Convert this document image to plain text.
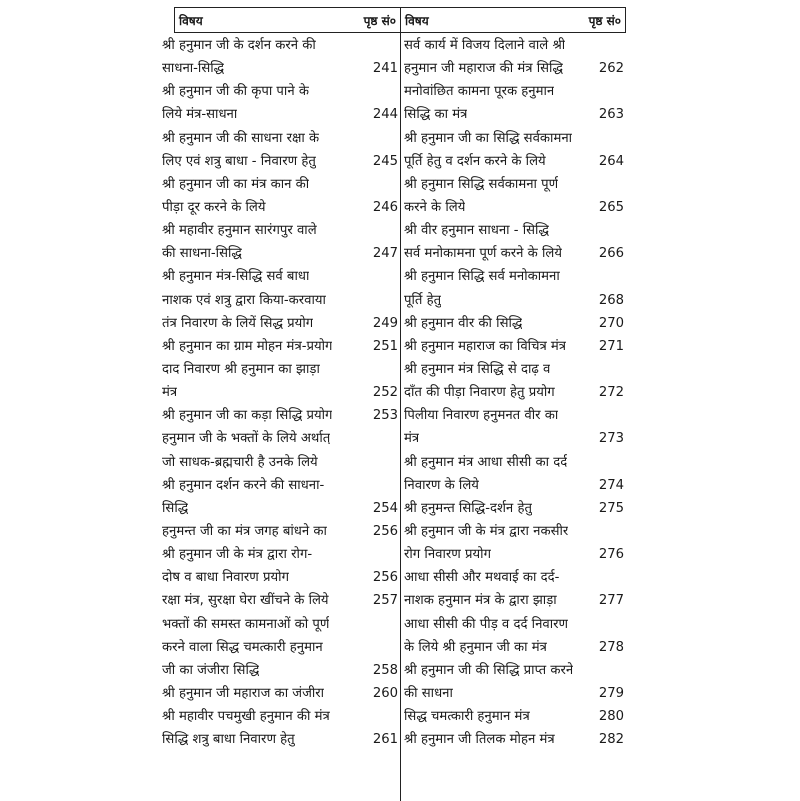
विषय	पृष्ठ सं० विषय	पृष्ठ सं०
श्री हनुमान जी के दर्शन करने की
साधना-सिद्धि	241
श्री हनुमान जी की कृपा पाने के
लिये मंत्र-साधना	244
श्री हनुमान जी की साधना रक्षा के
लिए एवं शत्रु बाधा - निवारण हेतु	245
श्री हनुमान जी का मंत्र कान की
पीड़ा दूर करने के लिये	246
श्री महावीर हनुमान सारंगपुर वाले
की साधना-सिद्धि	247
श्री हनुमान मंत्र-सिद्धि सर्व बाधा
नाशक एवं शत्रु द्वारा किया-करवाया
तंत्र निवारण के लियें सिद्ध प्रयोग	249
श्री हनुमान का ग्राम मोहन मंत्र-प्रयोग	251
दाद निवारण श्री हनुमान का झाड़ा
मंत्र	252
श्री हनुमान जी का कड़ा सिद्धि प्रयोग	253
हनुमान जी के भक्तों के लिये अर्थात्
जो साधक-ब्रह्मचारी है उनके लिये
श्री हनुमान दर्शन करने की साधना-
सिद्धि	254
हनुमन्त जी का मंत्र जगह बांधने का	256
श्री हनुमान जी के मंत्र द्वारा रोग-
दोष व बाधा निवारण प्रयोग	256
रक्षा मंत्र, सुरक्षा घेरा खींचने के लिये	257
भक्तों की समस्त कामनाओं को पूर्ण
करने वाला सिद्ध चमत्कारी हनुमान
जी का जंजीरा सिद्धि	258
श्री हनुमान जी महाराज का जंजीरा	260
श्री महावीर पचमुखी हनुमान की मंत्र
सिद्धि शत्रु बाधा निवारण हेतु	261
सर्व कार्य में विजय दिलाने वाले श्री
हनुमान जी महाराज की मंत्र सिद्धि	262
मनोवांछित कामना पूरक हनुमान
सिद्धि का मंत्र	263
श्री हनुमान जी का सिद्धि सर्वकामना
पूर्ति हेतु व दर्शन करने के लिये	264
श्री हनुमान सिद्धि सर्वकामना पूर्ण
करने के लिये	265
श्री वीर हनुमान साधना - सिद्धि
सर्व मनोकामना पूर्ण करने के लिये	266
श्री हनुमान सिद्धि सर्व मनोकामना
पूर्ति हेतु	268
श्री हनुमान वीर की सिद्धि	270
श्री हनुमान महाराज का विचित्र मंत्र	271
श्री हनुमान मंत्र सिद्धि से दाढ़ व
दाँत की पीड़ा निवारण हेतु प्रयोग	272
पिलीया निवारण हनुमनत वीर का
मंत्र	273
श्री हनुमान मंत्र आधा सीसी का दर्द
निवारण के लिये	274
श्री हनुमन्त सिद्धि-दर्शन हेतु	275
श्री हनुमान जी के मंत्र द्वारा नकसीर
रोग निवारण प्रयोग	276
आधा सीसी और मथवाई का दर्द-
नाशक हनुमान मंत्र के द्वारा झाड़ा	277
आधा सीसी की पीड़ व दर्द निवारण
के लिये श्री हनुमान जी का मंत्र	278
श्री हनुमान जी की सिद्धि प्राप्त करने
की साधना	279
सिद्ध चमत्कारी हनुमान मंत्र	280
श्री हनुमान जी तिलक मोहन मंत्र	282
